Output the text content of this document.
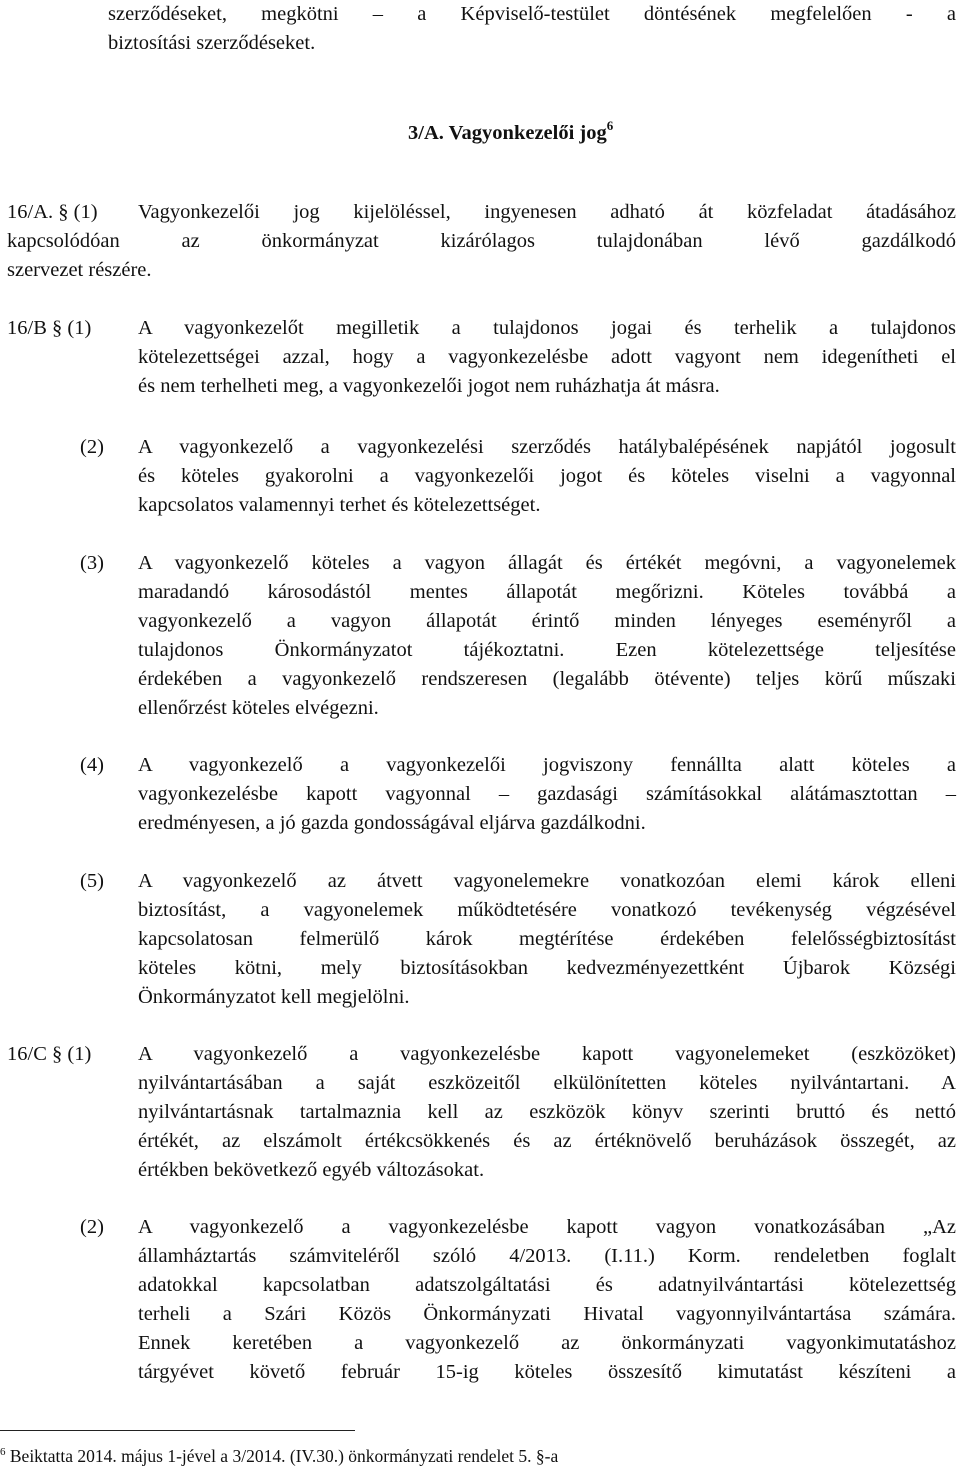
szerződéseket, megkötni – a Képviselő-testület döntésének megfelelően - a
biztosítási szerződéseket.
3/A. Vagyonkezelői jog$^6$
16/A. § (1) Vagyonkezelői jog kijelöléssel, ingyenesen adható át közfeladat átadásához
kapcsolódóan az önkormányzat kizárólagos tulajdonában lévő gazdálkodó
szervezet részére.
16/B § (1) A vagyonkezelőt megilletik a tulajdonos jogai és terhelik a tulajdonos
kötelezettségei azzal, hogy a vagyonkezelésbe adott vagyont nem idegenítheti el
és nem terhelheti meg, a vagyonkezelői jogot nem ruházhatja át másra.
(2) A vagyonkezelő a vagyonkezelési szerződés hatálybalépésének napjától jogosult
és köteles gyakorolni a vagyonkezelői jogot és köteles viselni a vagyonnal
kapcsolatos valamennyi terhet és kötelezettséget.
(3) A vagyonkezelő köteles a vagyon állagát és értékét megóvni, a vagyonelemek
maradandó károsodástól mentes állapotát megőrizni. Köteles továbbá a
vagyonkezelő a vagyon állapotát érintő minden lényeges eseményről a
tulajdonos Önkormányzatot tájékoztatni. Ezen kötelezettsége teljesítése
érdekében a vagyonkezelő rendszeresen (legalább ötévente) teljes körű műszaki
ellenőrzést köteles elvégezni.
(4) A vagyonkezelő a vagyonkezelői jogviszony fennállta alatt köteles a
vagyonkezelésbe kapott vagyonnal – gazdasági számításokkal alátámasztottan –
eredményesen, a jó gazda gondosságával eljárva gazdálkodni.
(5) A vagyonkezelő az átvett vagyonelemekre vonatkozóan elemi károk elleni
biztosítást, a vagyonelemek működtetésére vonatkozó tevékenység végzésével
kapcsolatosan felmerülő károk megtérítése érdekében felelősségbiztosítást
köteles kötni, mely biztosításokban kedvezményezettként Újbarok Községi
Önkormányzatot kell megjelölni.
16/C § (1) A vagyonkezelő a vagyonkezelésbe kapott vagyonelemeket (eszközöket)
nyilvántartásában a saját eszközeitől elkülönítetten köteles nyilvántartani. A
nyilvántartásnak tartalmaznia kell az eszközök könyv szerinti bruttó és nettó
értékét, az elszámolt értékcsökkenés és az értéknövelő beruházások összegét, az
értékben bekövetkező egyéb változásokat.
(2) A vagyonkezelő a vagyonkezelésbe kapott vagyon vonatkozásában „Az
államháztartás számviteléről szóló 4/2013. (I.11.) Korm. rendeletben foglalt
adatokkal kapcsolatban adatszolgáltatási és adatnyilvántartási kötelezettség
terheli a Szári Közös Önkormányzati Hivatal vagyonnyilvántartása számára.
Ennek keretében a vagyonkezelő az önkormányzati vagyonkimutatáshoz
tárgyévet követő február 15-ig köteles összesítő kimutatást készíteni a
$^6$ Beiktatta 2014. május 1-jével a 3/2014. (IV.30.) önkormányzati rendelet 5. §-a
